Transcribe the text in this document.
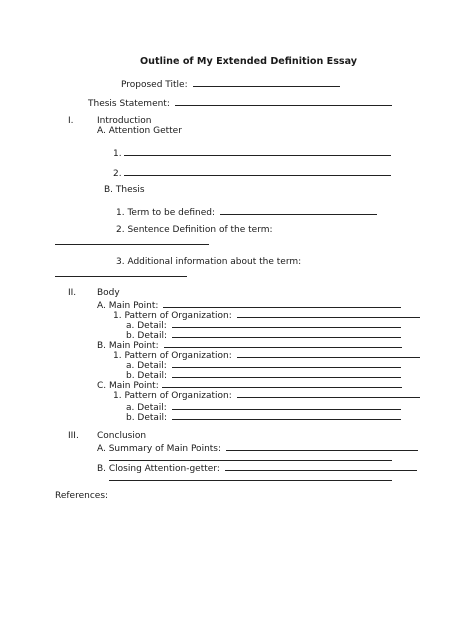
Outline of My Extended Definition Essay
Proposed Title:
Thesis Statement:
I.	Introduction
A. Attention Getter
1.
2.
B. Thesis
1. Term to be defined:
2. Sentence Definition of the term:
3. Additional information about the term:
II. Body
A. Main Point:
1. Pattern of Organization:
a. Detail:
b. Detail:
B. Main Point:
1. Pattern of Organization:
a. Detail:
b. Detail:
C. Main Point:
1. Pattern of Organization:
a. Detail:
b. Detail:
III. Conclusion
A. Summary of Main Points:
B. Closing Attention-getter:
References:
